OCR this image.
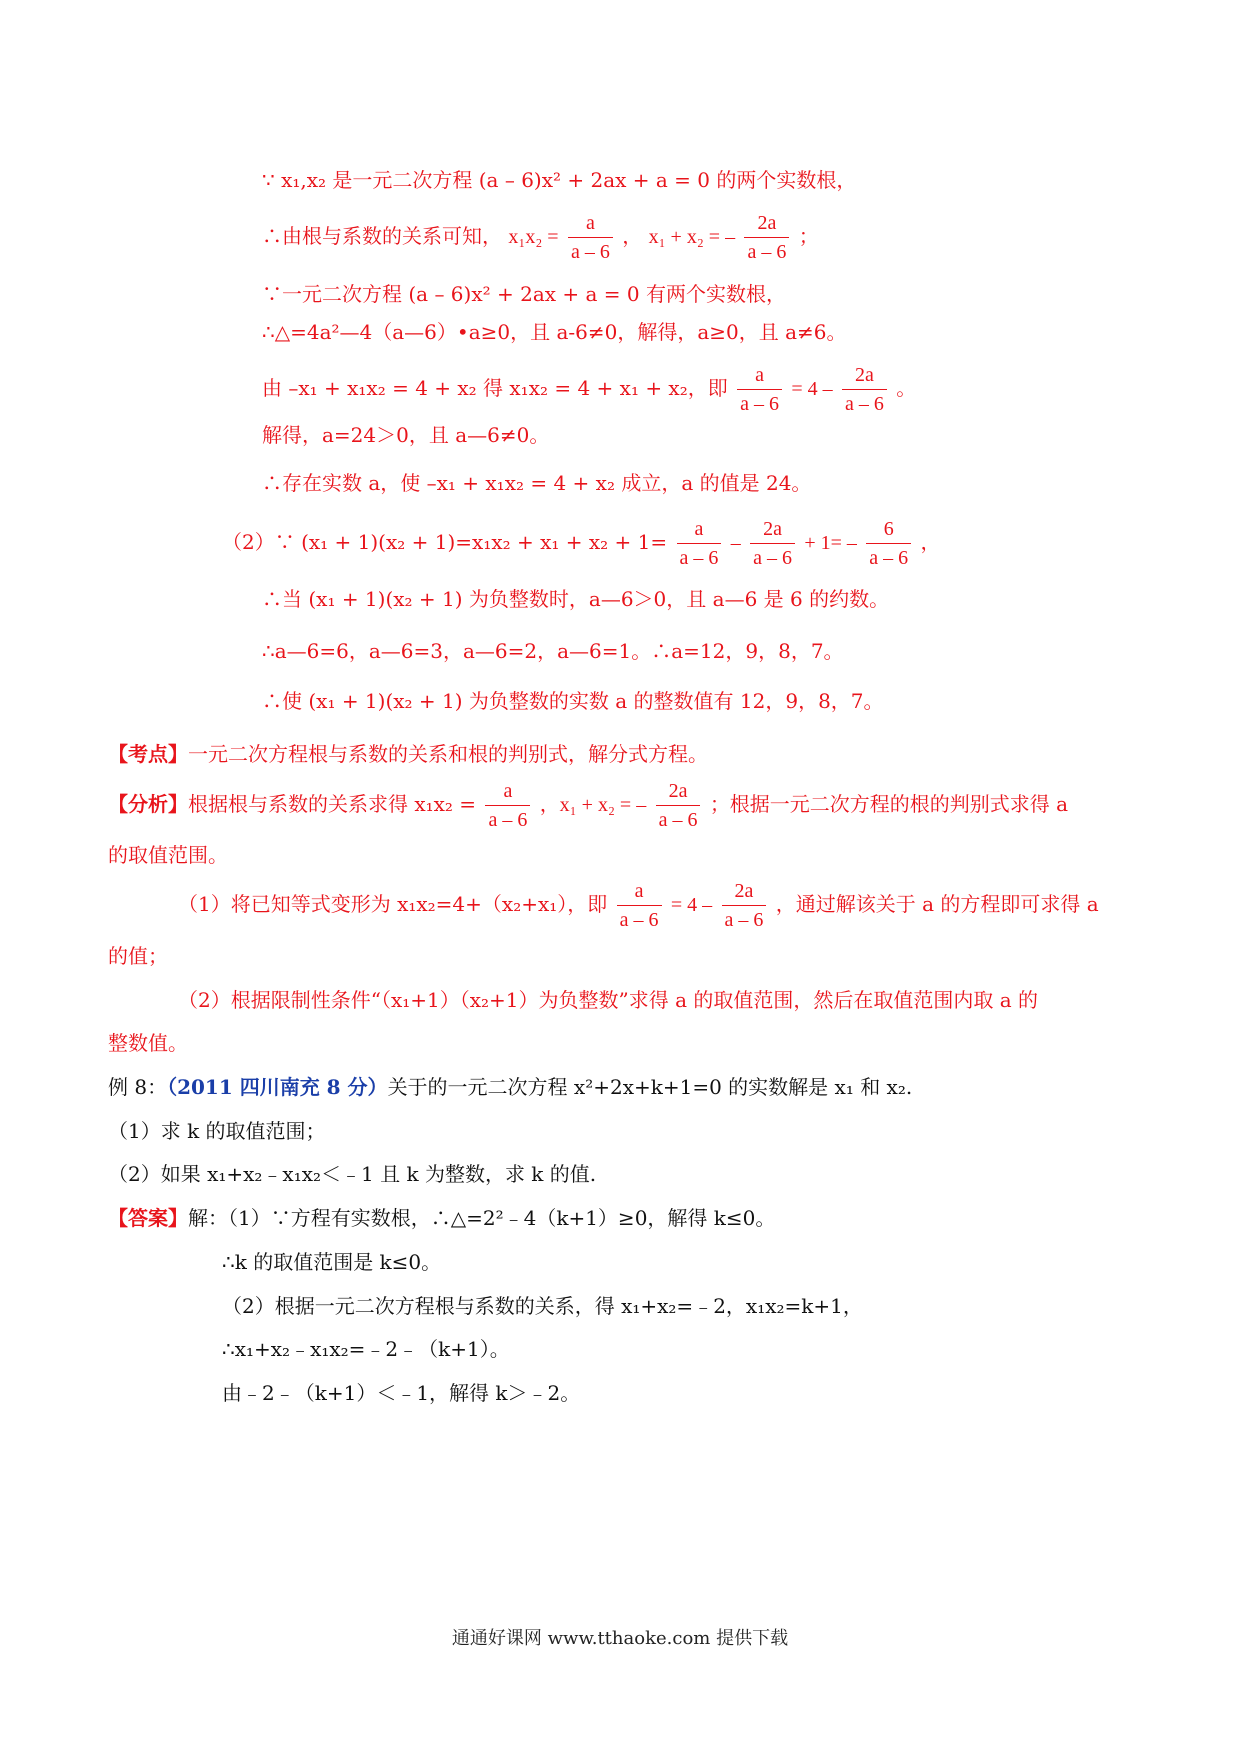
∵ x₁,x₂ 是一元二次方程 (a – 6)x² + 2ax + a = 0 的两个实数根，
∴由根与系数的关系可知， $x_1x_2 = \frac{a}{a - 6}$ ， x₁ + x₂ = – $\frac{2a}{a - 6}$ ；
∵一元二次方程 (a – 6)x² + 2ax + a = 0 有两个实数根，
∴△=4a²—4（a—6）•a≥0，且 a-6≠0，解得，a≥0，且 a≠6。
由 –x₁ + x₁x₂ = 4 + x₂ 得 x₁x₂ = 4 + x₁ + x₂，即 $\frac{a}{a - 6} = 4 - \frac{2a}{a - 6}$ 。
解得，a=24＞0，且 a—6≠0。
∴存在实数 a，使 –x₁ + x₁x₂ = 4 + x₂ 成立，a 的值是 24。
（2）∵ $(x_1 + 1)(x_2 + 1)=x_1x_2 + x_1 + x_2 + 1= \frac{a}{a - 6} - \frac{2a}{a - 6} + 1= - \frac{6}{a - 6}$ ，
∴当 (x₁ + 1)(x₂ + 1) 为负整数时，a—6＞0，且 a—6 是 6 的约数。
∴a—6=6，a—6=3，a—6=2，a—6=1。∴a=12，9，8，7。
∴使 (x₁ + 1)(x₂ + 1) 为负整数的实数 a 的整数值有 12，9，8，7。
【考点】一元二次方程根与系数的关系和根的判别式，解分式方程。
【分析】根据根与系数的关系求得 $x_1x_2 = \frac{a}{a - 6}$ ，x₁ + x₂ = – $\frac{2a}{a - 6}$ ；根据一元二次方程的根的判别式求得 a
的取值范围。
（1）将已知等式变形为 x₁x₂=4+（x₂+x₁），即 $\frac{a}{a - 6} = 4 - \frac{2a}{a - 6}$ ，通过解该关于 a 的方程即可求得 a
的值；
（2）根据限制性条件“（x₁+1）（x₂+1）为负整数”求得 a 的取值范围，然后在取值范围内取 a 的
整数值。
例 8：（2011 四川南充 8 分）关于的一元二次方程 x²+2x+k+1=0 的实数解是 x₁ 和 x₂.
（1）求 k 的取值范围；
（2）如果 x₁+x₂﹣x₁x₂＜﹣1 且 k 为整数，求 k 的值.
【答案】解：（1）∵方程有实数根，∴△=2²﹣4（k+1）≥0，解得 k≤0。
∴k 的取值范围是 k≤0。
（2）根据一元二次方程根与系数的关系，得 x₁+x₂=﹣2，x₁x₂=k+1，
∴x₁+x₂﹣x₁x₂=﹣2﹣（k+1）。
由﹣2﹣（k+1）＜﹣1，解得 k＞﹣2。
通通好课网 www.tthaoke.com 提供下载
